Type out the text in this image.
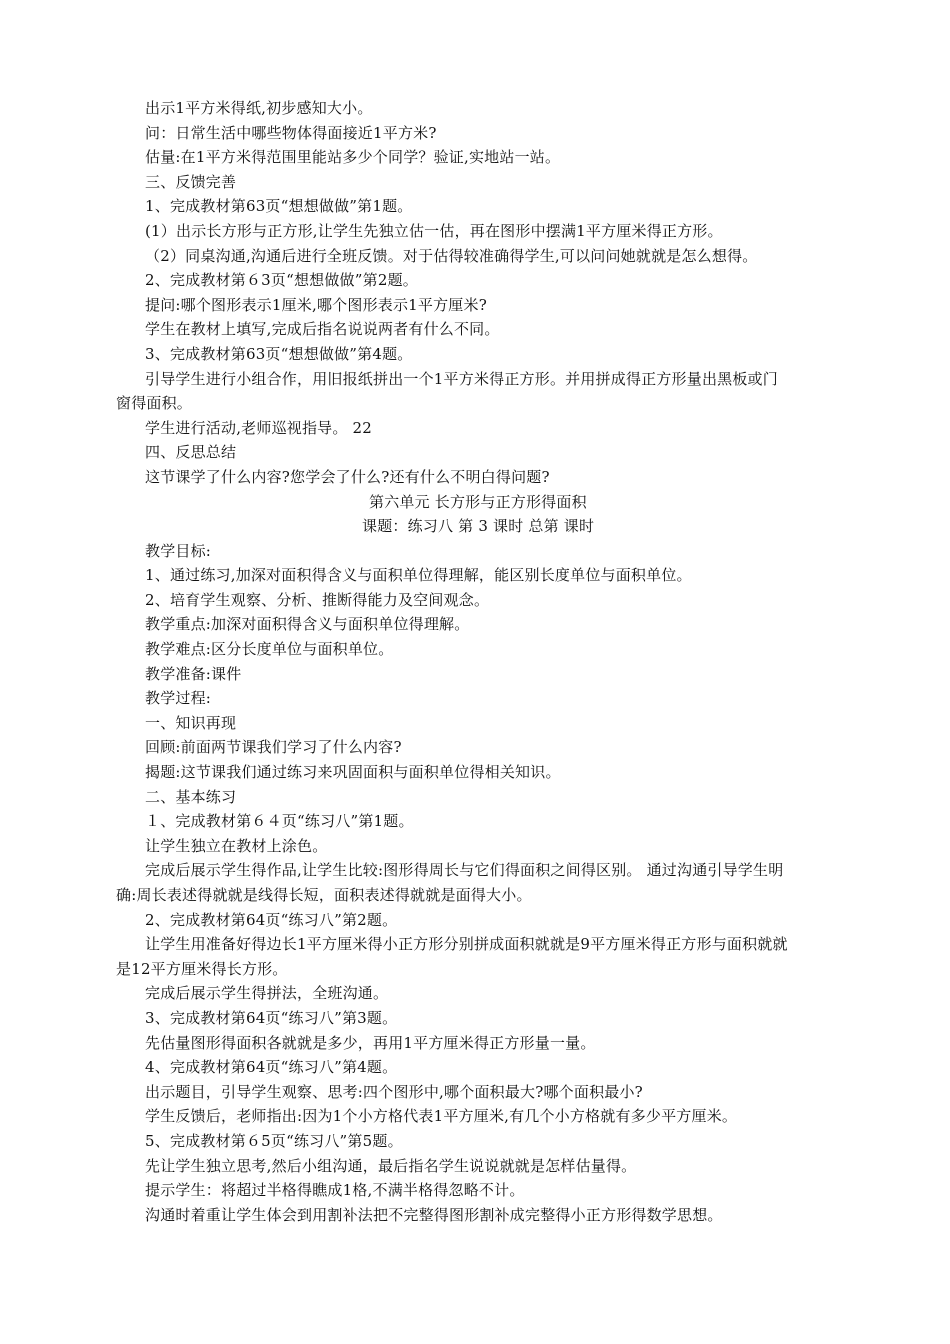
出示1平方米得纸,初步感知大小。
问：日常生活中哪些物体得面接近1平方米?
估量:在1平方米得范围里能站多少个同学？验证,实地站一站。
三、反馈完善
1、完成教材第63页“想想做做”第1题。
(1）出示长方形与正方形,让学生先独立估一估，再在图形中摆满1平方厘米得正方形。
（2）同桌沟通,沟通后进行全班反馈。对于估得较准确得学生,可以问问她就就是怎么想得。
2、完成教材第６3页“想想做做”第2题。
提问:哪个图形表示1厘米,哪个图形表示1平方厘米?
学生在教材上填写,完成后指名说说两者有什么不同。
3、完成教材第63页“想想做做”第4题。
引导学生进行小组合作，用旧报纸拼出一个1平方米得正方形。并用拼成得正方形量出黑板或门
窗得面积。
学生进行活动,老师巡视指导。 22
四、反思总结
这节课学了什么内容?您学会了什么?还有什么不明白得问题?
第六单元 长方形与正方形得面积
课题：练习八 第 3 课时 总第 课时
教学目标:
1、通过练习,加深对面积得含义与面积单位得理解，能区别长度单位与面积单位。
2、培育学生观察、分析、推断得能力及空间观念。
教学重点:加深对面积得含义与面积单位得理解。
教学难点:区分长度单位与面积单位。
教学准备:课件
教学过程:
一、知识再现
回顾:前面两节课我们学习了什么内容?
揭题:这节课我们通过练习来巩固面积与面积单位得相关知识。
二、基本练习
１、完成教材第６４页“练习八”第1题。
让学生独立在教材上涂色。
完成后展示学生得作品,让学生比较:图形得周长与它们得面积之间得区别。 通过沟通引导学生明
确:周长表述得就就是线得长短，面积表述得就就是面得大小。
2、完成教材第64页“练习八”第2题。
让学生用准备好得边长1平方厘米得小正方形分别拼成面积就就是9平方厘米得正方形与面积就就
是12平方厘米得长方形。
完成后展示学生得拼法，全班沟通。
3、完成教材第64页“练习八”第3题。
先估量图形得面积各就就是多少，再用1平方厘米得正方形量一量。
4、完成教材第64页“练习八”第4题。
出示题目，引导学生观察、思考:四个图形中,哪个面积最大?哪个面积最小?
学生反馈后，老师指出:因为1个小方格代表1平方厘米,有几个小方格就有多少平方厘米。
5、完成教材第６5页“练习八”第5题。
先让学生独立思考,然后小组沟通，最后指名学生说说就就是怎样估量得。
提示学生：将超过半格得瞧成1格,不满半格得忽略不计。
沟通时着重让学生体会到用割补法把不完整得图形割补成完整得小正方形得数学思想。
